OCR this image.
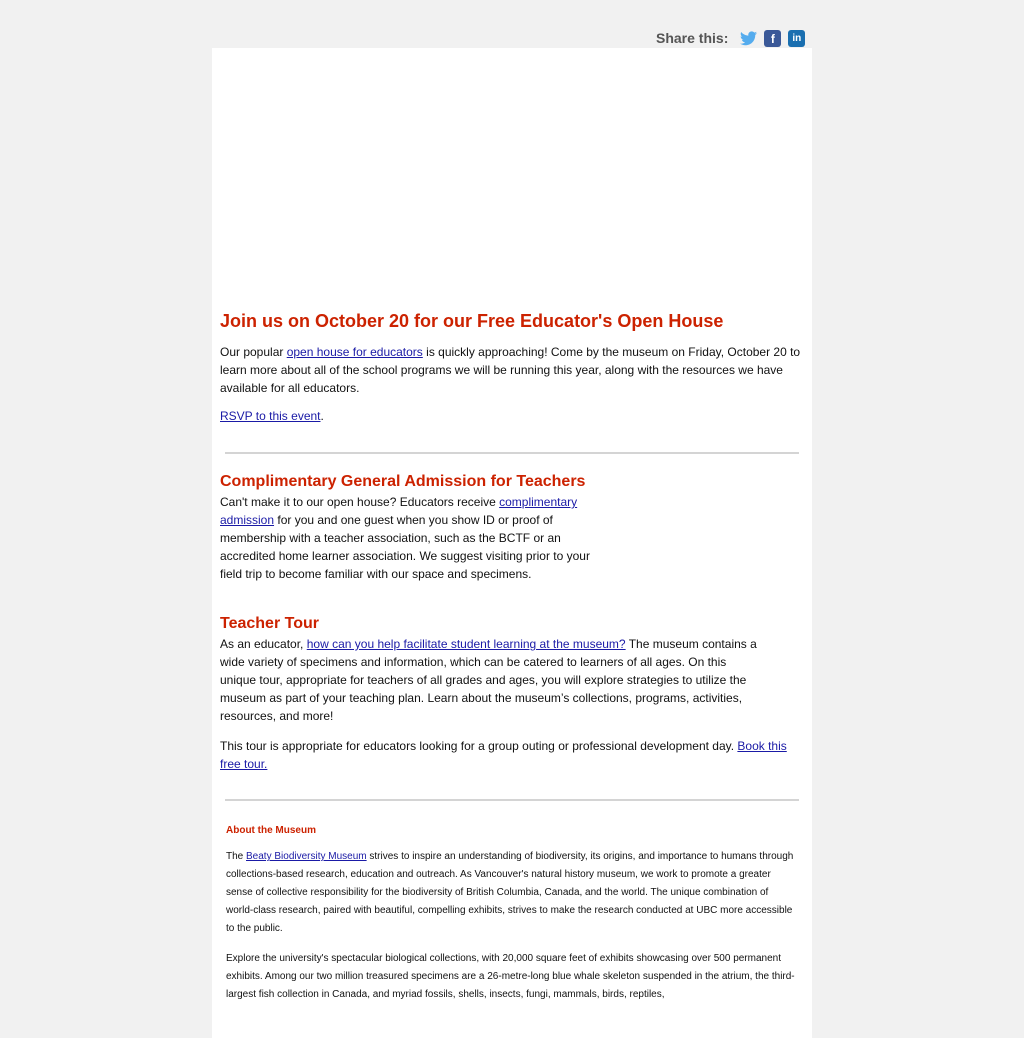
Share this:	f	in
Join us on October 20 for our Free Educator's Open House

Our popular open house for educators is quickly approaching! Come by the museum on Friday, October 20 to learn more about all of the school programs we will be running this year, along with the resources we have available for all educators.

RSVP to this event.

Complimentary General Admission for Teachers

Can't make it to our open house? Educators receive complimentary admission for you and one guest when you show ID or proof of membership with a teacher association, such as the BCTF or an accredited home learner association. We suggest visiting prior to your field trip to become familiar with our space and specimens.

Teacher Tour

As an educator, how can you help facilitate student learning at the museum? The museum contains a wide variety of specimens and information, which can be catered to learners of all ages. On this unique tour, appropriate for teachers of all grades and ages, you will explore strategies to utilize the museum as part of your teaching plan. Learn about the museum’s collections, programs, activities, resources, and more!

This tour is appropriate for educators looking for a group outing or professional development day. Book this free tour.

About the Museum

The Beaty Biodiversity Museum strives to inspire an understanding of biodiversity, its origins, and importance to humans through collections-based research, education and outreach. As Vancouver's natural history museum, we work to promote a greater sense of collective responsibility for the biodiversity of British Columbia, Canada, and the world. The unique combination of world-class research, paired with beautiful, compelling exhibits, strives to make the research conducted at UBC more accessible to the public.

Explore the university's spectacular biological collections, with 20,000 square feet of exhibits showcasing over 500 permanent exhibits. Among our two million treasured specimens are a 26-metre-long blue whale skeleton suspended in the atrium, the third-largest fish collection in Canada, and myriad fossils, shells, insects, fungi, mammals, birds, reptiles,
